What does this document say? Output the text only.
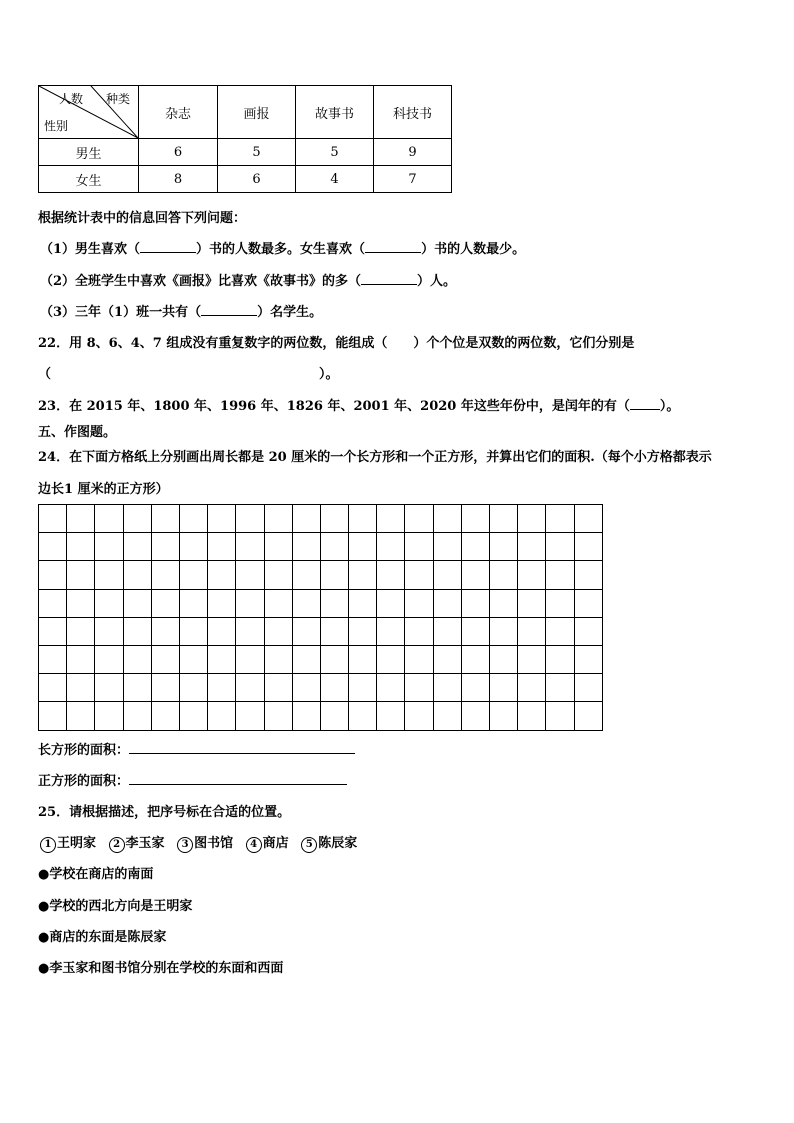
种类
人数
性别	杂志	画报	故事书	科技书
男生	6	5	5	9
女生	8	6	4	7
根据统计表中的信息回答下列问题：
（1）男生喜欢（	）书的人数最多。女生喜欢（	）书的人数最少。
（2）全班学生中喜欢《画报》比喜欢《故事书》的多（	）人。
（3）三年（1）班一共有（	）名学生。
22．用 8、6、4、7 组成没有重复数字的两位数，能组成（ ）个个位是双数的两位数，它们分别是
（	）。
23．在 2015 年、1800 年、1996 年、1826 年、2001 年、2020 年这些年份中，是闰年的有（ ）。
五、作图题。
24．在下面方格纸上分别画出周长都是 20 厘米的一个长方形和一个正方形，并算出它们的面积.（每个小方格都表示
边长1 厘米的正方形）

长方形的面积：
正方形的面积：
25．请根据描述，把序号标在合适的位置。
1 王明家 2 李玉家 3 图书馆 4 商店 5 陈辰家
●学校在商店的南面
●学校的西北方向是王明家
●商店的东面是陈辰家
●李玉家和图书馆分别在学校的东面和西面
